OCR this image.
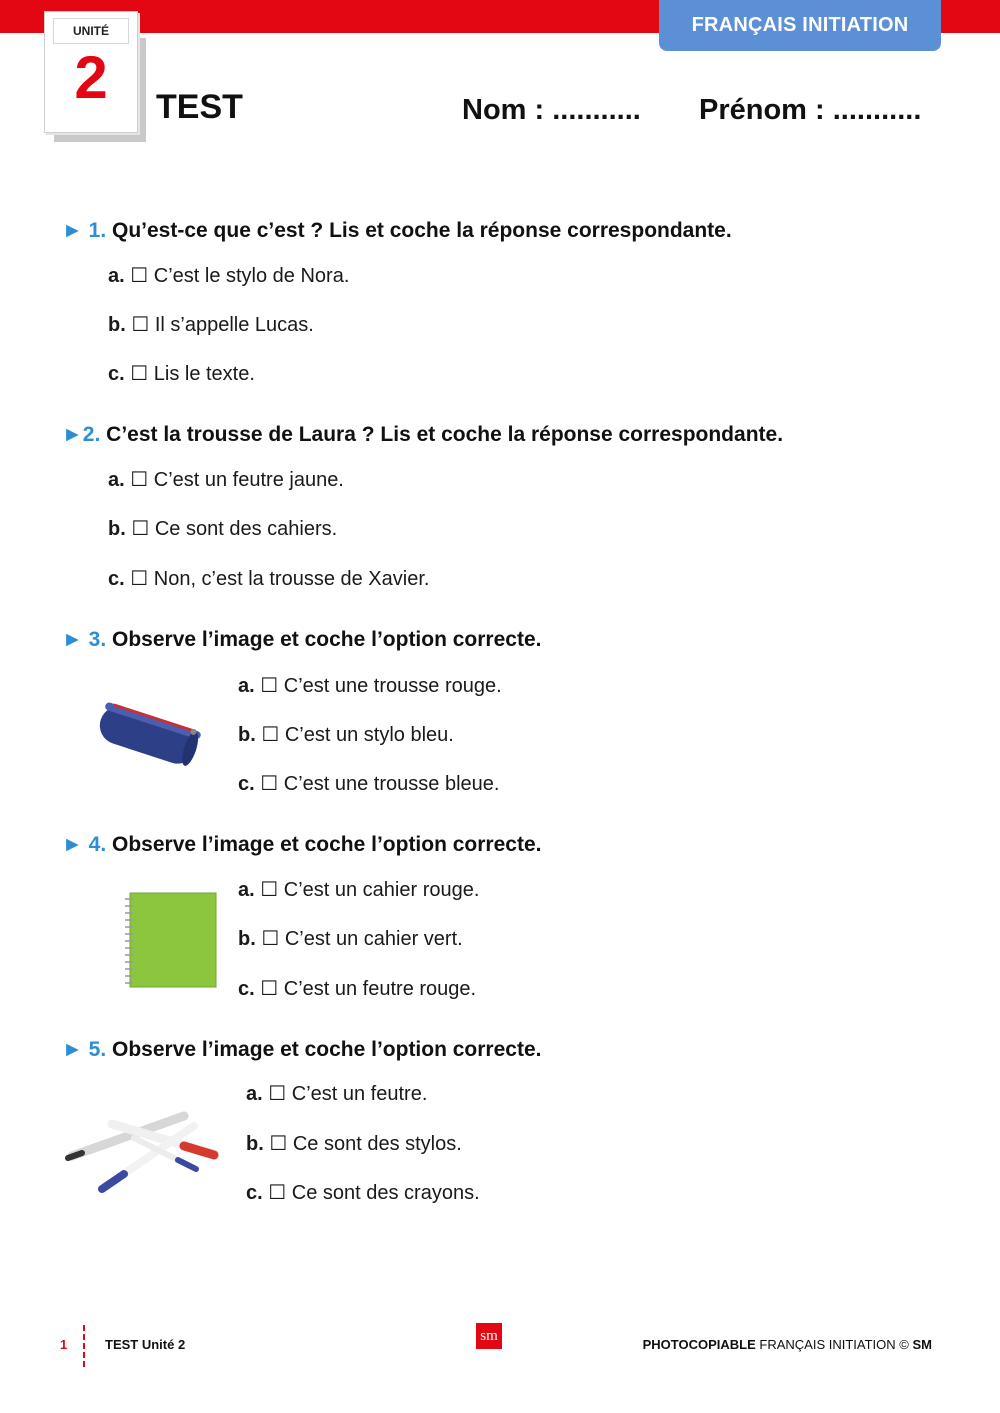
FRANÇAIS INITIATION
UNITÉ
2	TEST	Nom : ........... Prénom : ...........
► 1. Qu’est-ce que c’est ? Lis et coche la réponse correspondante.
a. ☐ C’est le stylo de Nora.
b. ☐ Il s’appelle Lucas.
c. ☐ Lis le texte.
►2. C’est la trousse de Laura ? Lis et coche la réponse correspondante.
a. ☐ C’est un feutre jaune.
b. ☐ Ce sont des cahiers.
c. ☐ Non, c’est la trousse de Xavier.
► 3. Observe l’image et coche l’option correcte.
a. ☐ C’est une trousse rouge.
b. ☐ C’est un stylo bleu.
c. ☐ C’est une trousse bleue.
► 4. Observe l’image et coche l’option correcte.
a. ☐ C’est un cahier rouge.
b. ☐ C’est un cahier vert.
c. ☐ C’est un feutre rouge.
► 5. Observe l’image et coche l’option correcte.
a. ☐ C’est un feutre.
b. ☐ Ce sont des stylos.
c. ☐ Ce sont des crayons.
1	TEST Unité 2
sm
PHOTOCOPIABLE FRANÇAIS INITIATION © SM
